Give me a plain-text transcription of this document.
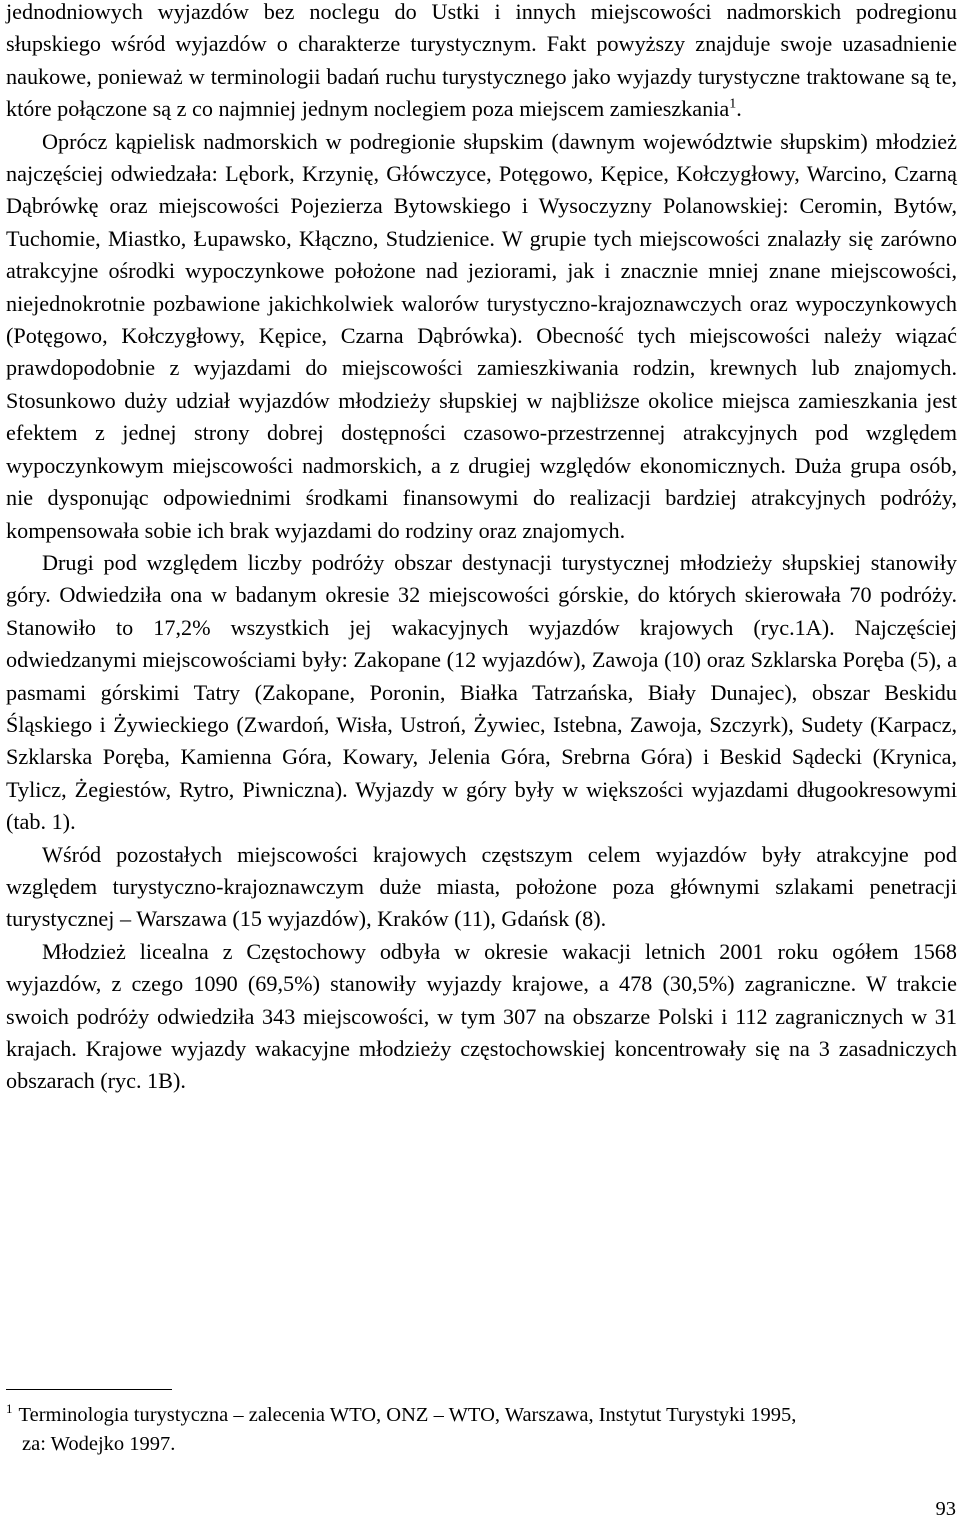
jednodniowych wyjazdów bez noclegu do Ustki i innych miejscowości nadmorskich podregionu słupskiego wśród wyjazdów o charakterze turystycznym. Fakt powyższy znajduje swoje uzasadnienie naukowe, ponieważ w terminologii badań ruchu turystycznego jako wyjazdy turystyczne traktowane są te, które połączone są z co najmniej jednym noclegiem poza miejscem zamieszkania$^1$.

Oprócz kąpielisk nadmorskich w podregionie słupskim (dawnym województwie słupskim) młodzież najczęściej odwiedzała: Lębork, Krzynię, Główczyce, Potęgowo, Kępice, Kołczygłowy, Warcino, Czarną Dąbrówkę oraz miejscowości Pojezierza Bytowskiego i Wysoczyzny Polanowskiej: Ceromin, Bytów, Tuchomie, Miastko, Łupawsko, Kłączno, Studzienice. W grupie tych miejscowości znalazły się zarówno atrakcyjne ośrodki wypoczynkowe położone nad jeziorami, jak i znacznie mniej znane miejscowości, niejednokrotnie pozbawione jakichkolwiek walorów turystyczno-krajoznawczych oraz wypoczynkowych (Potęgowo, Kołczygłowy, Kępice, Czarna Dąbrówka). Obecność tych miejscowości należy wiązać prawdopodobnie z wyjazdami do miejscowości zamieszkiwania rodzin, krewnych lub znajomych. Stosunkowo duży udział wyjazdów młodzieży słupskiej w najbliższe okolice miejsca zamieszkania jest efektem z jednej strony dobrej dostępności czasowo-przestrzennej atrakcyjnych pod względem wypoczynkowym miejscowości nadmorskich, a z drugiej względów ekonomicznych. Duża grupa osób, nie dysponując odpowiednimi środkami finansowymi do realizacji bardziej atrakcyjnych podróży, kompensowała sobie ich brak wyjazdami do rodziny oraz znajomych.

Drugi pod względem liczby podróży obszar destynacji turystycznej młodzieży słupskiej stanowiły góry. Odwiedziła ona w badanym okresie 32 miejscowości górskie, do których skierowała 70 podróży. Stanowiło to 17,2% wszystkich jej wakacyjnych wyjazdów krajowych (ryc.1A). Najczęściej odwiedzanymi miejscowościami były: Zakopane (12 wyjazdów), Zawoja (10) oraz Szklarska Poręba (5), a pasmami górskimi Tatry (Zakopane, Poronin, Białka Tatrzańska, Biały Dunajec), obszar Beskidu Śląskiego i Żywieckiego (Zwardoń, Wisła, Ustroń, Żywiec, Istebna, Zawoja, Szczyrk), Sudety (Karpacz, Szklarska Poręba, Kamienna Góra, Kowary, Jelenia Góra, Srebrna Góra) i Beskid Sądecki (Krynica, Tylicz, Żegiestów, Rytro, Piwniczna). Wyjazdy w góry były w większości wyjazdami długookresowymi (tab. 1).

Wśród pozostałych miejscowości krajowych częstszym celem wyjazdów były atrakcyjne pod względem turystyczno-krajoznawczym duże miasta, położone poza głównymi szlakami penetracji turystycznej – Warszawa (15 wyjazdów), Kraków (11), Gdańsk (8).

Młodzież licealna z Częstochowy odbyła w okresie wakacji letnich 2001 roku ogółem 1568 wyjazdów, z czego 1090 (69,5%) stanowiły wyjazdy krajowe, a 478 (30,5%) zagraniczne. W trakcie swoich podróży odwiedziła 343 miejscowości, w tym 307 na obszarze Polski i 112 zagranicznych w 31 krajach. Krajowe wyjazdy wakacyjne młodzieży częstochowskiej koncentrowały się na 3 zasadniczych obszarach (ryc. 1B).

$^1$ Terminologia turystyczna – zalecenia WTO, ONZ – WTO, Warszawa, Instytut Turystyki 1995,
za: Wodejko 1997.
93
